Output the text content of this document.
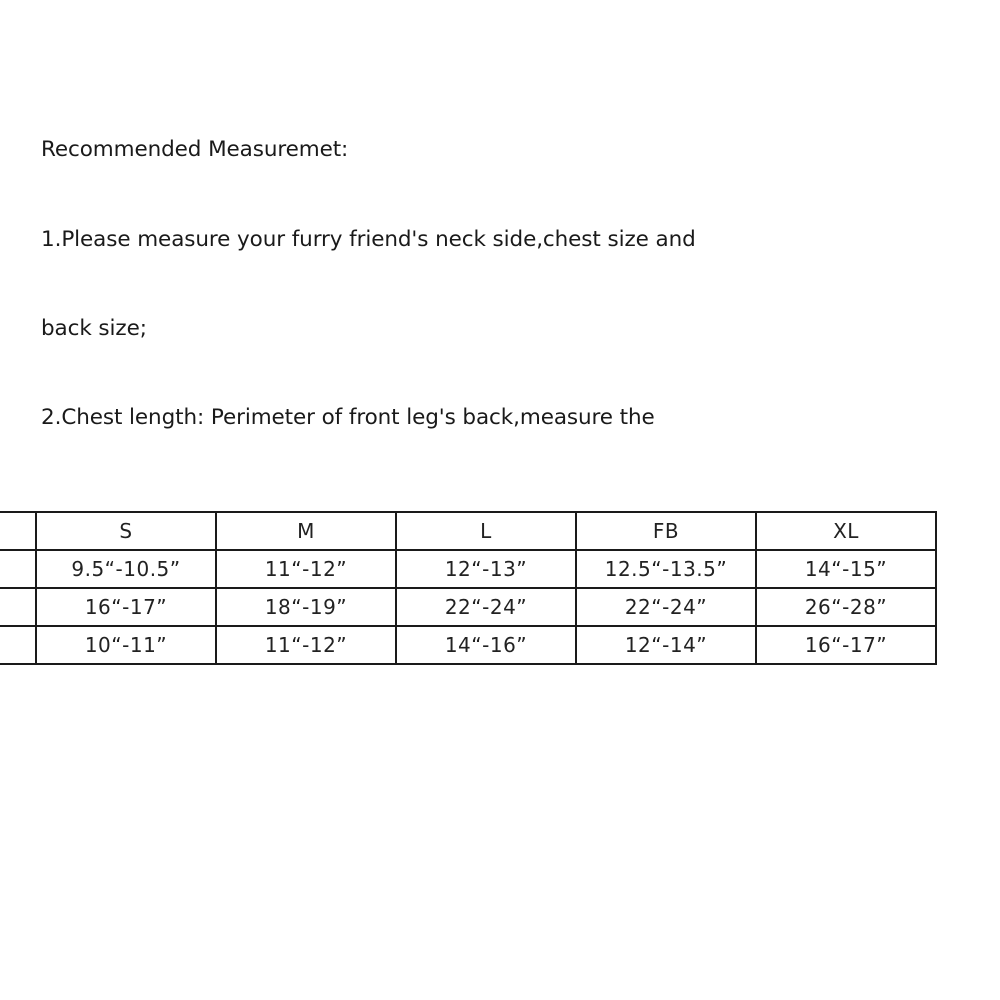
Recommended Measuremet:

1.Please measure your furry friend's neck side,chest size and

back size;

2.Chest length: Perimeter of front leg's back,measure the

	S	M	L	FB	XL
	9.5“-10.5”	11“-12”	12“-13”	12.5“-13.5”	14“-15”
	16“-17”	18“-19”	22“-24”	22“-24”	26“-28”
	10“-11”	11“-12”	14“-16”	12“-14”	16“-17”
